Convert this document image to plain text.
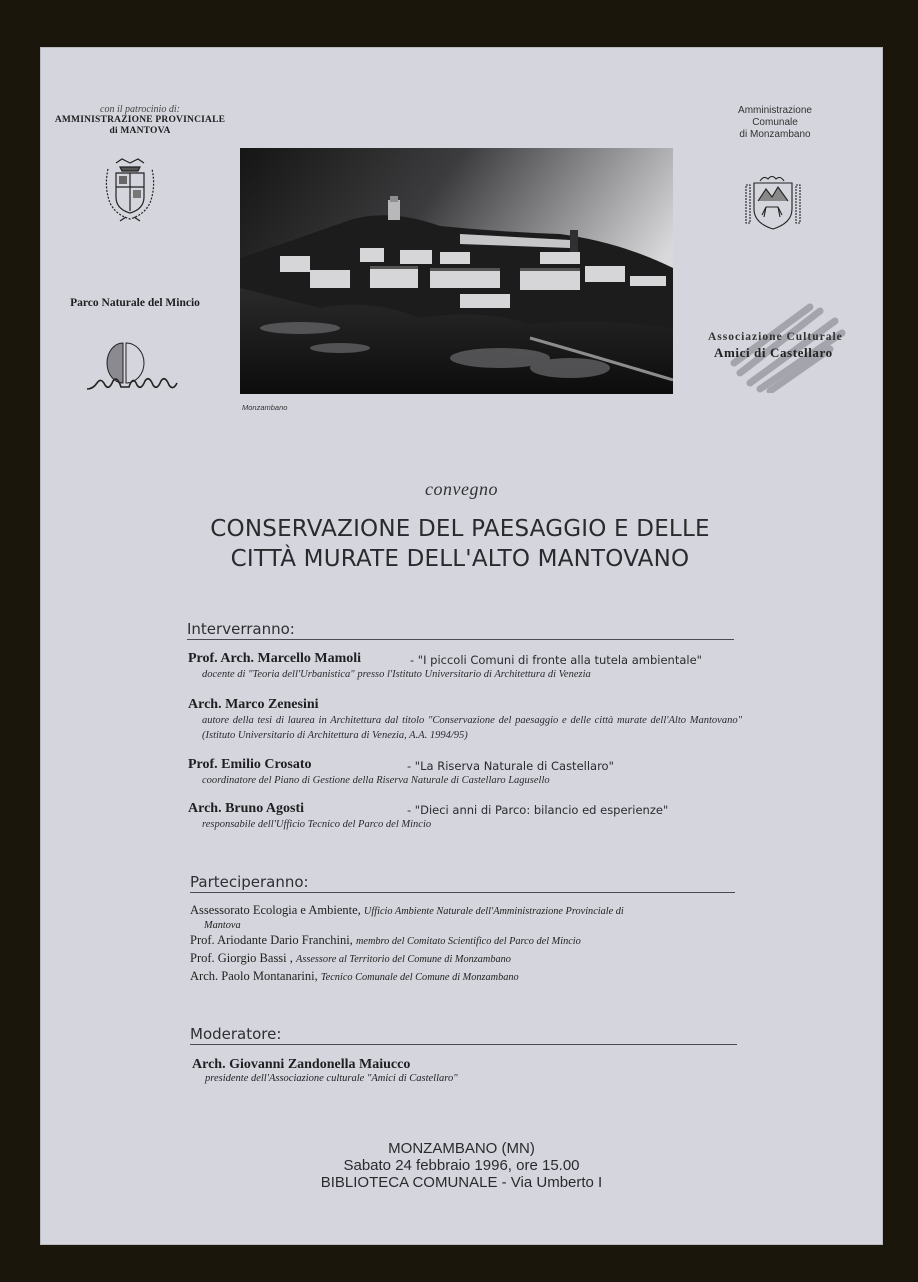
con il patrocinio di:
AMMINISTRAZIONE PROVINCIALE
di MANTOVA
Parco Naturale del Mincio
Monzambano
Amministrazione
Comunale
di Monzambano
Associazione Culturale
Amici di Castellaro
convegno
CONSERVAZIONE DEL PAESAGGIO E DELLE
CITTÀ MURATE DELL'ALTO MANTOVANO
Interverranno:
Prof. Arch. Marcello Mamoli	- "I piccoli Comuni di fronte alla tutela ambientale"
docente di "Teoria dell'Urbanistica" presso l'Istituto Universitario di Architettura di Venezia
Arch. Marco Zenesini
autore della tesi di laurea in Architettura dal titolo "Conservazione del paesaggio e delle città murate dell'Alto Mantovano" (Istituto Universitario di Architettura di Venezia, A.A. 1994/95)
Prof. Emilio Crosato	- "La Riserva Naturale di Castellaro"
coordinatore del Piano di Gestione della Riserva Naturale di Castellaro Lagusello
Arch. Bruno Agosti	- "Dieci anni di Parco: bilancio ed esperienze"
responsabile dell'Ufficio Tecnico del Parco del Mincio
Parteciperanno:
Assessorato Ecologia e Ambiente, Ufficio Ambiente Naturale dell'Amministrazione Provinciale di
Mantova
Prof. Ariodante Dario Franchini, membro del Comitato Scientifico del Parco del Mincio
Prof. Giorgio Bassi , Assessore al Territorio del Comune di Monzambano
Arch. Paolo Montanarini, Tecnico Comunale del Comune di Monzambano
Moderatore:
Arch. Giovanni Zandonella Maiucco
presidente dell'Associazione culturale "Amici di Castellaro"
MONZAMBANO (MN)
Sabato 24 febbraio 1996, ore 15.00
BIBLIOTECA COMUNALE - Via Umberto I
